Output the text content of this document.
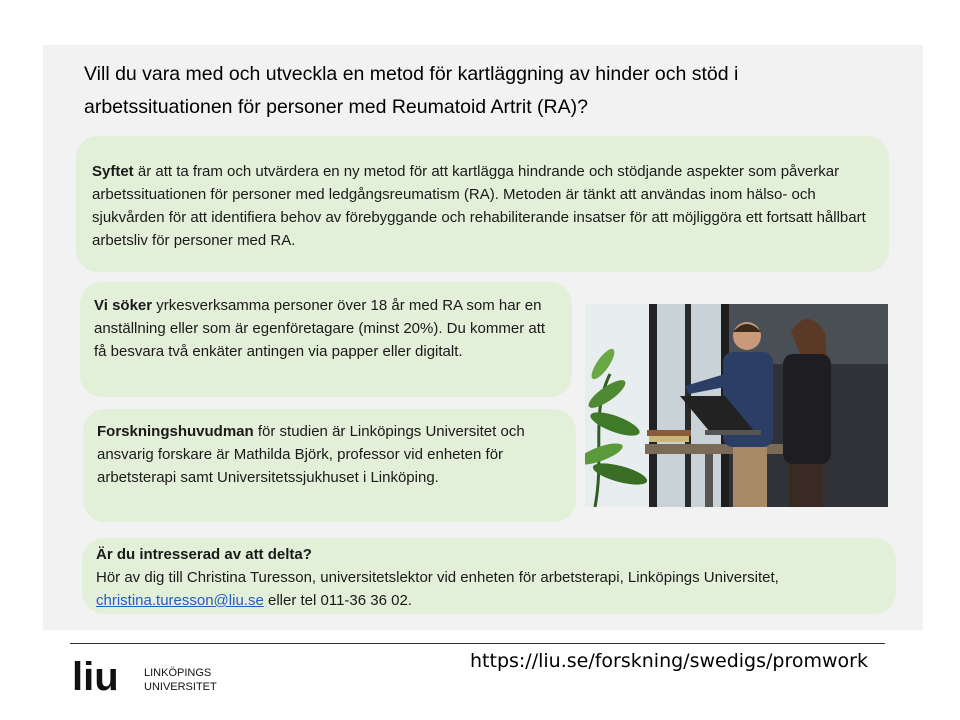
Vill du vara med och utveckla en metod för kartläggning av hinder och stöd i arbetssituationen för personer med Reumatoid Artrit (RA)?
Syftet är att ta fram och utvärdera en ny metod för att kartlägga hindrande och stödjande aspekter som påverkar arbetssituationen för personer med ledgångsreumatism (RA). Metoden är tänkt att användas inom hälso- och sjukvården för att identifiera behov av förebyggande och rehabiliterande insatser för att möjliggöra ett fortsatt hållbart arbetsliv för personer med RA.
Vi söker yrkesverksamma personer över 18 år med RA som har en anställning eller som är egenföretagare (minst 20%). Du kommer att få besvara två enkäter antingen via papper eller digitalt.
Forskningshuvudman för studien är Linköpings Universitet och ansvarig forskare är Mathilda Björk, professor vid enheten för arbetsterapi samt Universitetssjukhuset i Linköping.
Är du intresserad av att delta?
Hör av dig till Christina Turesson, universitetslektor vid enheten för arbetsterapi, Linköpings Universitet,
christina.turesson@liu.se eller tel 011-36 36 02.
liu LINKÖPINGS
UNIVERSITET
https://liu.se/forskning/swedigs/promwork
